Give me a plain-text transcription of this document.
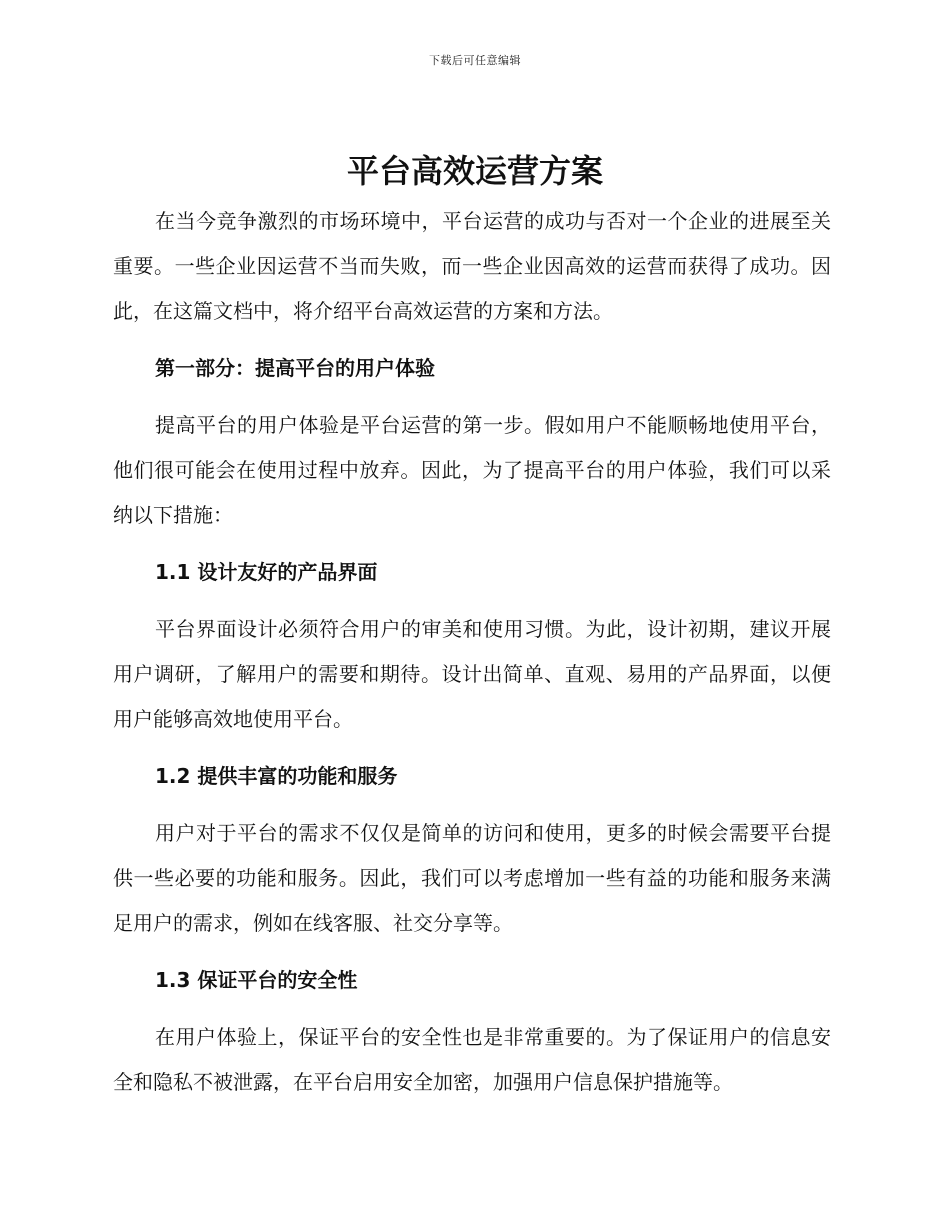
下载后可任意编辑
平台高效运营方案

在当今竞争激烈的市场环境中，平台运营的成功与否对一个企业的进展至关重要。一些企业因运营不当而失败，而一些企业因高效的运营而获得了成功。因此，在这篇文档中，将介绍平台高效运营的方案和方法。

第一部分：提高平台的用户体验

提高平台的用户体验是平台运营的第一步。假如用户不能顺畅地使用平台，他们很可能会在使用过程中放弃。因此，为了提高平台的用户体验，我们可以采纳以下措施：

1.1 设计友好的产品界面

平台界面设计必须符合用户的审美和使用习惯。为此，设计初期，建议开展用户调研，了解用户的需要和期待。设计出简单、直观、易用的产品界面，以便用户能够高效地使用平台。

1.2 提供丰富的功能和服务

用户对于平台的需求不仅仅是简单的访问和使用，更多的时候会需要平台提供一些必要的功能和服务。因此，我们可以考虑增加一些有益的功能和服务来满足用户的需求，例如在线客服、社交分享等。

1.3 保证平台的安全性

在用户体验上，保证平台的安全性也是非常重要的。为了保证用户的信息安全和隐私不被泄露，在平台启用安全加密，加强用户信息保护措施等。
